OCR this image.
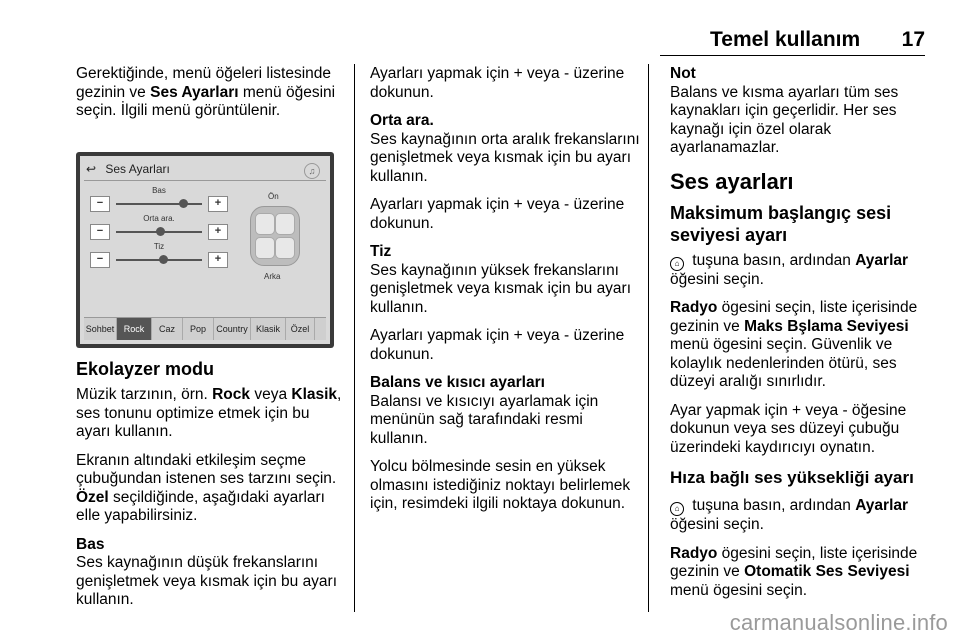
Temel kullanım 17

Gerektiğinde, menü öğeleri listesinde gezinin ve Ses Ayarları menü öğesini seçin. İlgili menü görüntülenir.

↩ Ses Ayarları	♫
Bas
−	+
Orta ara.
−	+
Tiz
−	+
Ön
Arka
Sohbet	Rock	Caz	Pop	Country Klasik	Özel
Ekolayzer modu

Müzik tarzının, örn. Rock veya Klasik, ses tonunu optimize etmek için bu ayarı kullanın.

Ekranın altındaki etkileşim seçme çubuğundan istenen ses tarzını seçin. Özel seçildiğinde, aşağıdaki ayarları elle yapabilirsiniz.

Bas
Ses kaynağının düşük frekanslarını genişletmek veya kısmak için bu ayarı kullanın.

Ayarları yapmak için + veya - üzerine dokunun.

Orta ara.
Ses kaynağının orta aralık frekanslarını genişletmek veya kısmak için bu ayarı kullanın.

Ayarları yapmak için + veya - üzerine dokunun.

Tiz
Ses kaynağının yüksek frekanslarını genişletmek veya kısmak için bu ayarı kullanın.

Ayarları yapmak için + veya - üzerine dokunun.

Balans ve kısıcı ayarları
Balansı ve kısıcıyı ayarlamak için menünün sağ tarafındaki resmi kullanın.

Yolcu bölmesinde sesin en yüksek olmasını istediğiniz noktayı belirlemek için, resimdeki ilgili noktaya dokunun.

Not
Balans ve kısma ayarları tüm ses kaynakları için geçerlidir. Her ses kaynağı için özel olarak ayarlanamazlar.

Ses ayarları
Maksimum başlangıç sesi seviyesi ayarı

⌂ tuşuna basın, ardından Ayarlar öğesini seçin.

Radyo ögesini seçin, liste içerisinde gezinin ve Maks Bşlama Seviyesi menü ögesini seçin. Güvenlik ve kolaylık nedenlerinden ötürü, ses düzeyi aralığı sınırlıdır.

Ayar yapmak için + veya - öğesine dokunun veya ses düzeyi çubuğu üzerindeki kaydırıcıyı oynatın.

Hıza bağlı ses yüksekliği ayarı

⌂ tuşuna basın, ardından Ayarlar öğesini seçin.

Radyo ögesini seçin, liste içerisinde gezinin ve Otomatik Ses Seviyesi menü ögesini seçin.

carmanualsonline.info
